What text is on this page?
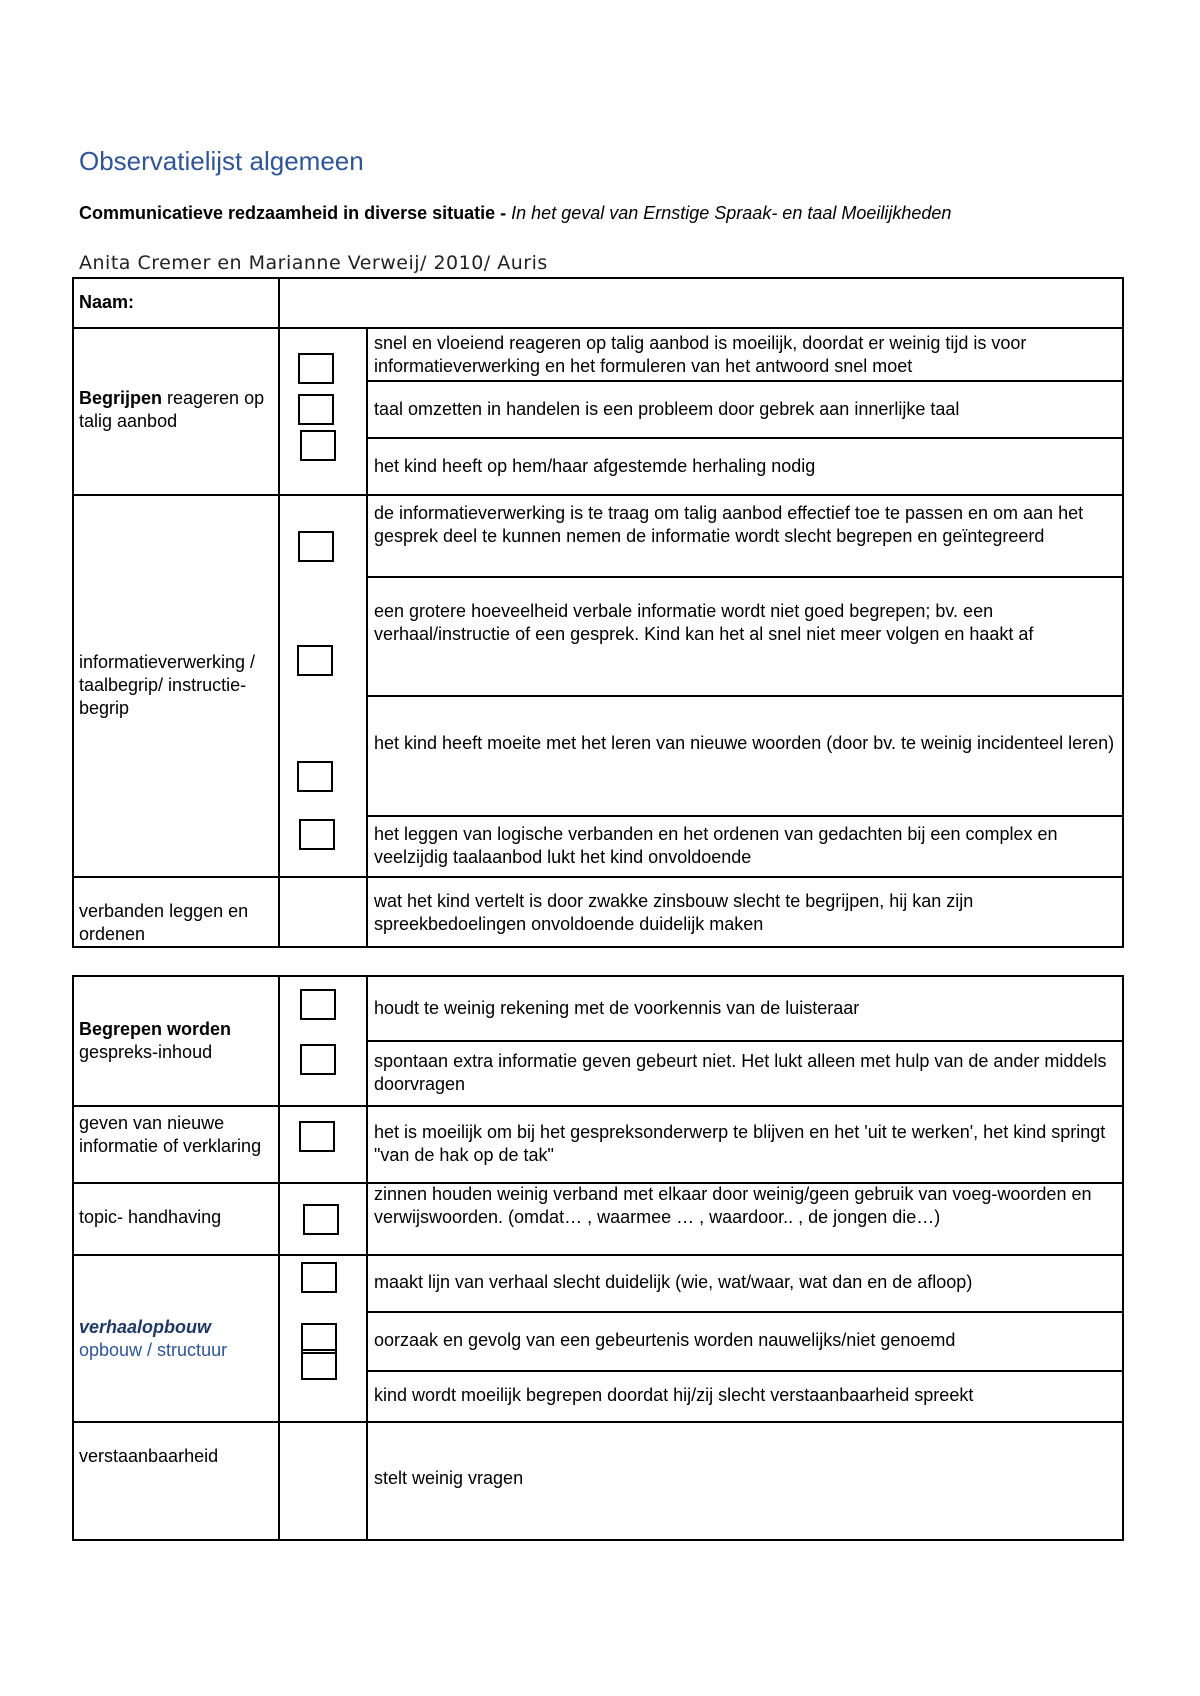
Observatielijst algemeen
Communicatieve redzaamheid in diverse situatie - In het geval van Ernstige Spraak- en taal Moeilijkheden
Anita Cremer en Marianne Verweij/ 2010/ Auris
Naam:
Begrijpen reageren op talig aanbod
snel en vloeiend reageren op talig aanbod is moeilijk, doordat er weinig tijd is voor informatieverwerking en het formuleren van het antwoord snel moet
taal omzetten in handelen is een probleem door gebrek aan innerlijke taal
het kind heeft op hem/haar afgestemde herhaling nodig
informatieverwerking / taalbegrip/ instructie-begrip
de informatieverwerking is te traag om talig aanbod effectief toe te passen en om aan het gesprek deel te kunnen nemen de informatie wordt slecht begrepen en geïntegreerd
een grotere hoeveelheid verbale informatie wordt niet goed begrepen; bv. een verhaal/instructie of een gesprek. Kind kan het al snel niet meer volgen en haakt af
het kind heeft moeite met het leren van nieuwe woorden (door bv. te weinig incidenteel leren)
het leggen van logische verbanden en het ordenen van gedachten bij een complex en veelzijdig taalaanbod lukt het kind onvoldoende
verbanden leggen en ordenen
wat het kind vertelt is door zwakke zinsbouw slecht te begrijpen, hij kan zijn spreekbedoelingen onvoldoende duidelijk maken
Begrepen worden
gespreks-inhoud
houdt te weinig rekening met de voorkennis van de luisteraar
spontaan extra informatie geven gebeurt niet. Het lukt alleen met hulp van de ander middels doorvragen
geven van nieuwe informatie of verklaring
het is moeilijk om bij het gespreksonderwerp te blijven en het 'uit te werken', het kind springt "van de hak op de tak"
topic- handhaving
zinnen houden weinig verband met elkaar door weinig/geen gebruik van voeg-woorden en verwijswoorden. (omdat… , waarmee … , waardoor.. , de jongen die…)
verhaalopbouw
opbouw / structuur
maakt lijn van verhaal slecht duidelijk (wie, wat/waar, wat dan en de afloop)
oorzaak en gevolg van een gebeurtenis worden nauwelijks/niet genoemd
kind wordt moeilijk begrepen doordat hij/zij slecht verstaanbaarheid spreekt
verstaanbaarheid
stelt weinig vragen
